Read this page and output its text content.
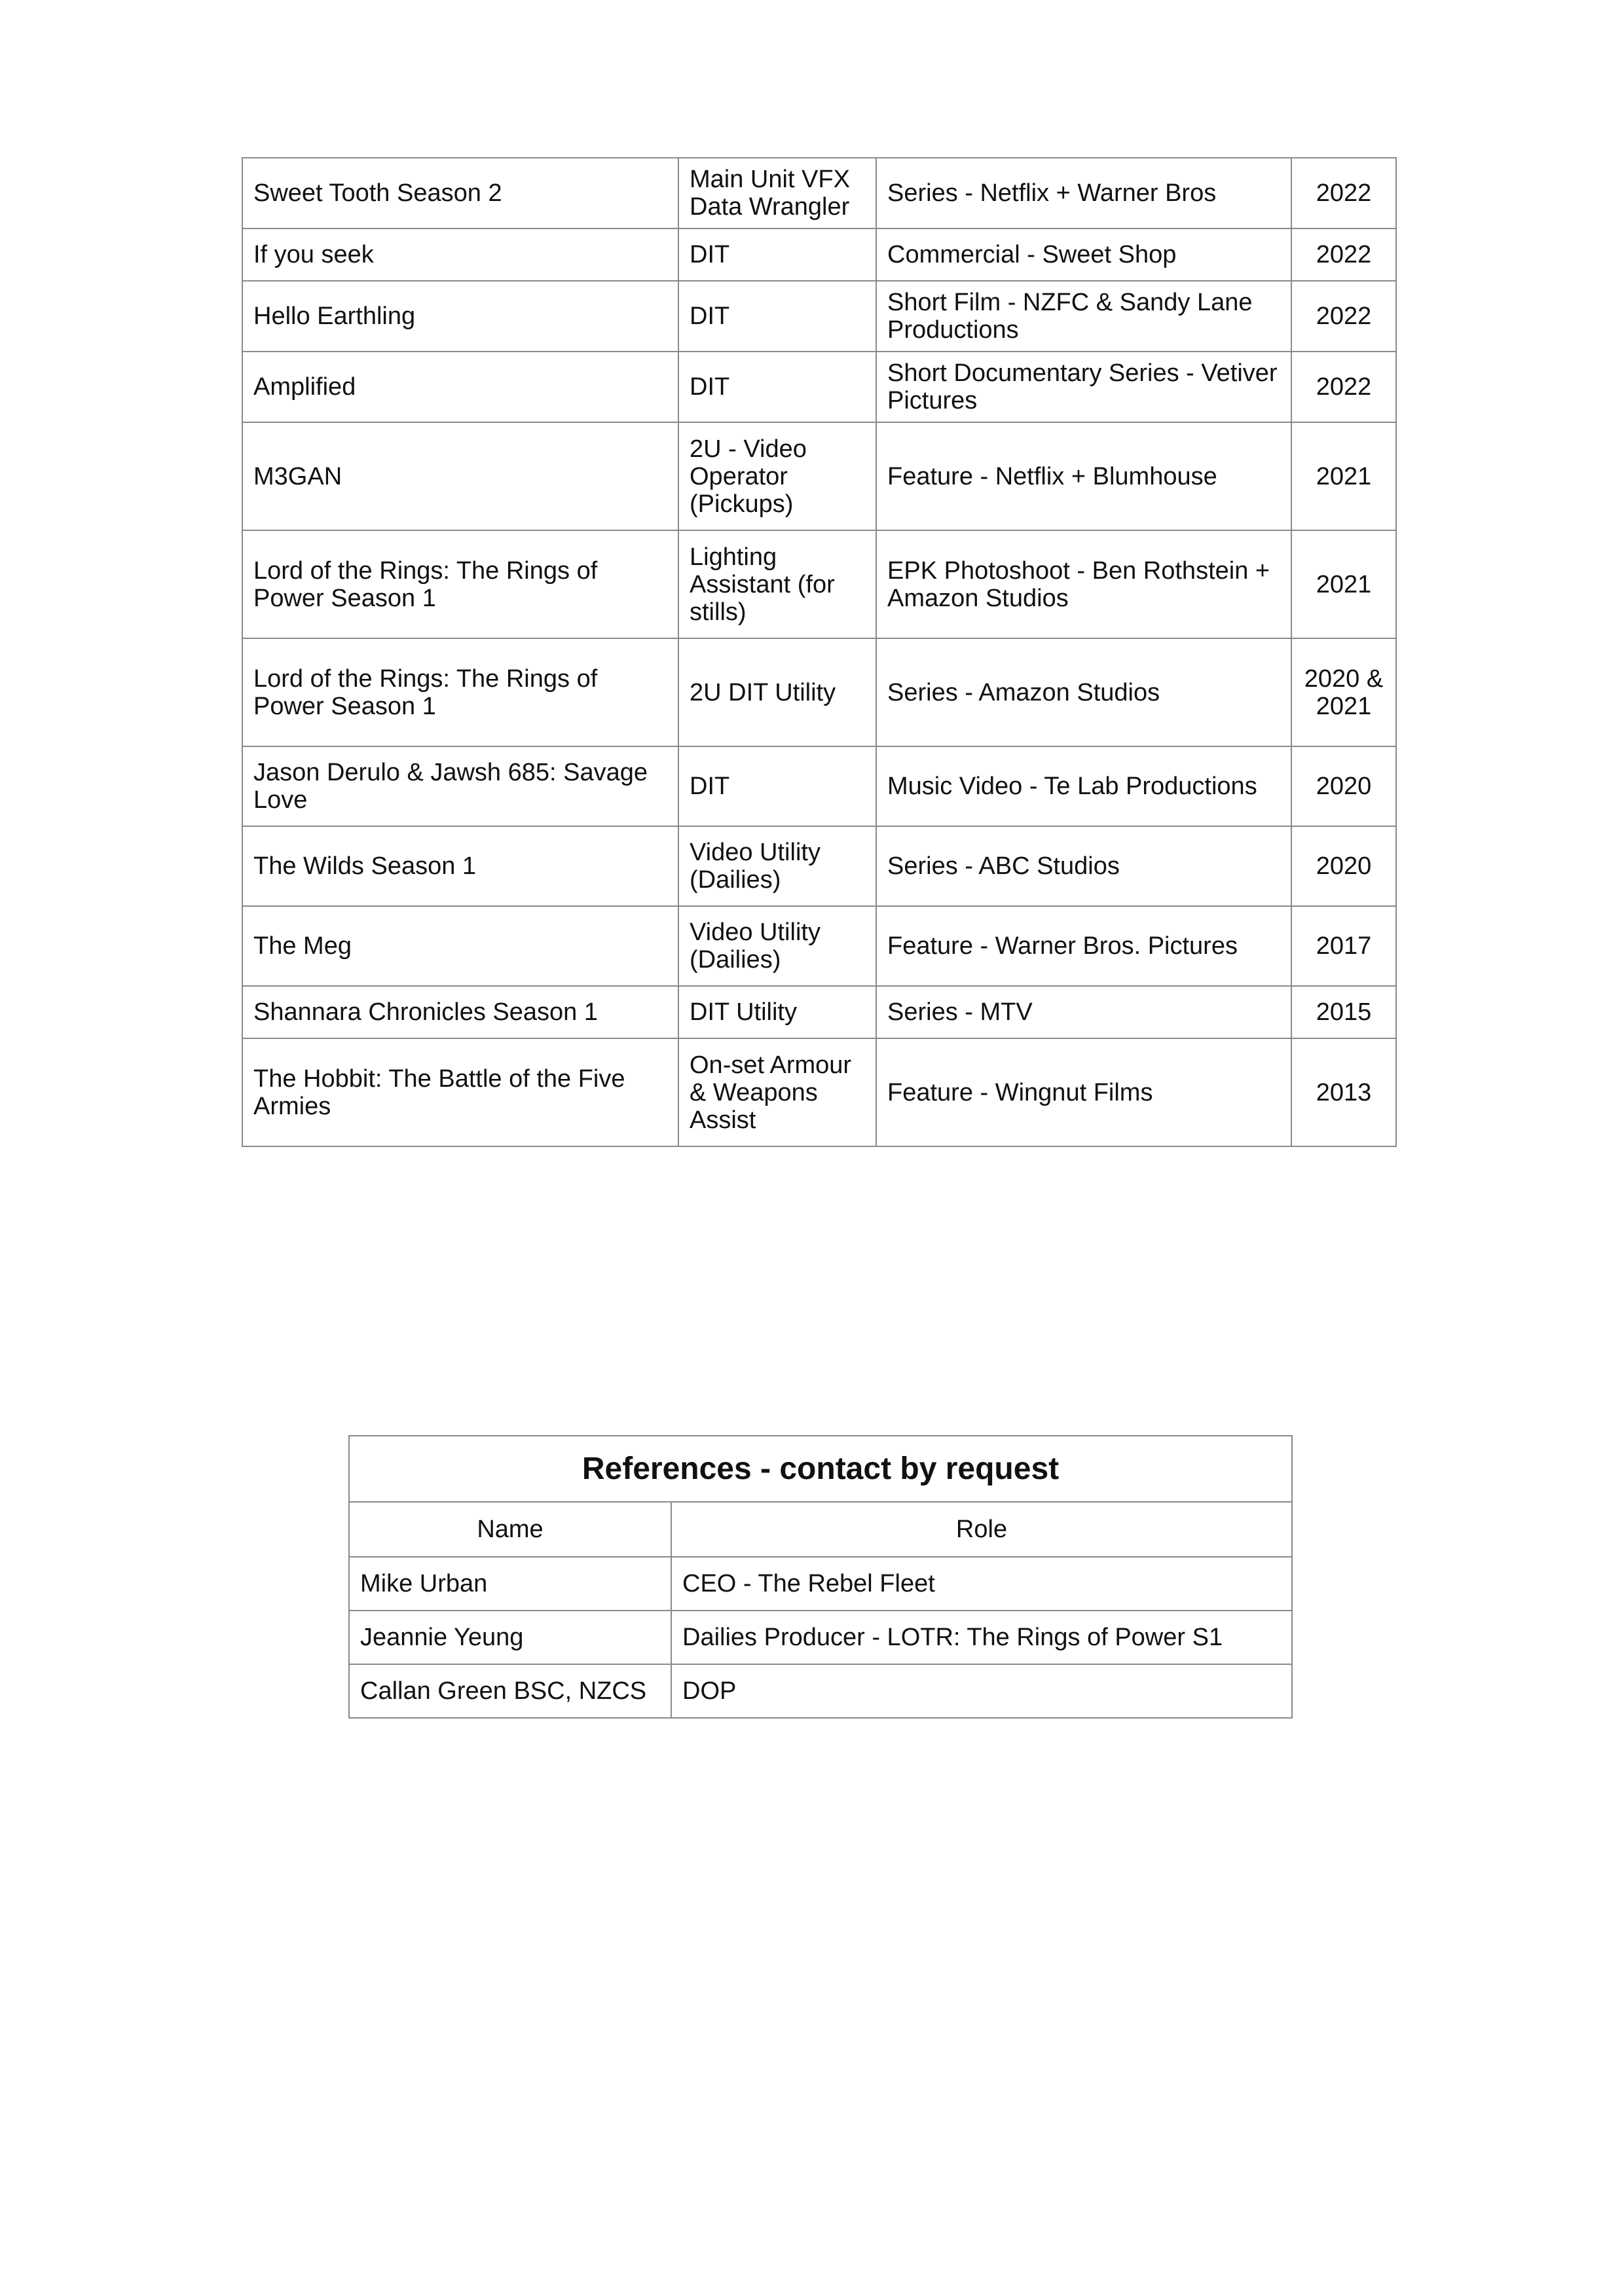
Sweet Tooth Season 2	Main Unit VFX Data Wrangler	Series - Netflix + Warner Bros	2022
If you seek	DIT	Commercial - Sweet Shop	2022
Hello Earthling	DIT	Short Film - NZFC & Sandy Lane Productions	2022
Amplified	DIT	Short Documentary Series - Vetiver Pictures	2022
M3GAN	2U - Video Operator (Pickups)	Feature - Netflix + Blumhouse	2021
Lord of the Rings: The Rings of Power Season 1	Lighting Assistant (for stills)	EPK Photoshoot - Ben Rothstein + Amazon Studios	2021
Lord of the Rings: The Rings of Power Season 1	2U DIT Utility	Series - Amazon Studios	2020 & 2021
Jason Derulo & Jawsh 685: Savage Love	DIT	Music Video - Te Lab Productions	2020
The Wilds Season 1	Video Utility (Dailies)	Series - ABC Studios	2020
The Meg	Video Utility (Dailies)	Feature - Warner Bros. Pictures	2017
Shannara Chronicles Season 1	DIT Utility	Series - MTV	2015
The Hobbit: The Battle of the Five Armies	On-set Armour & Weapons Assist	Feature - Wingnut Films	2013
References - contact by request	
Name	Role
Mike Urban	CEO - The Rebel Fleet
Jeannie Yeung	Dailies Producer - LOTR: The Rings of Power S1
Callan Green BSC, NZCS	DOP
